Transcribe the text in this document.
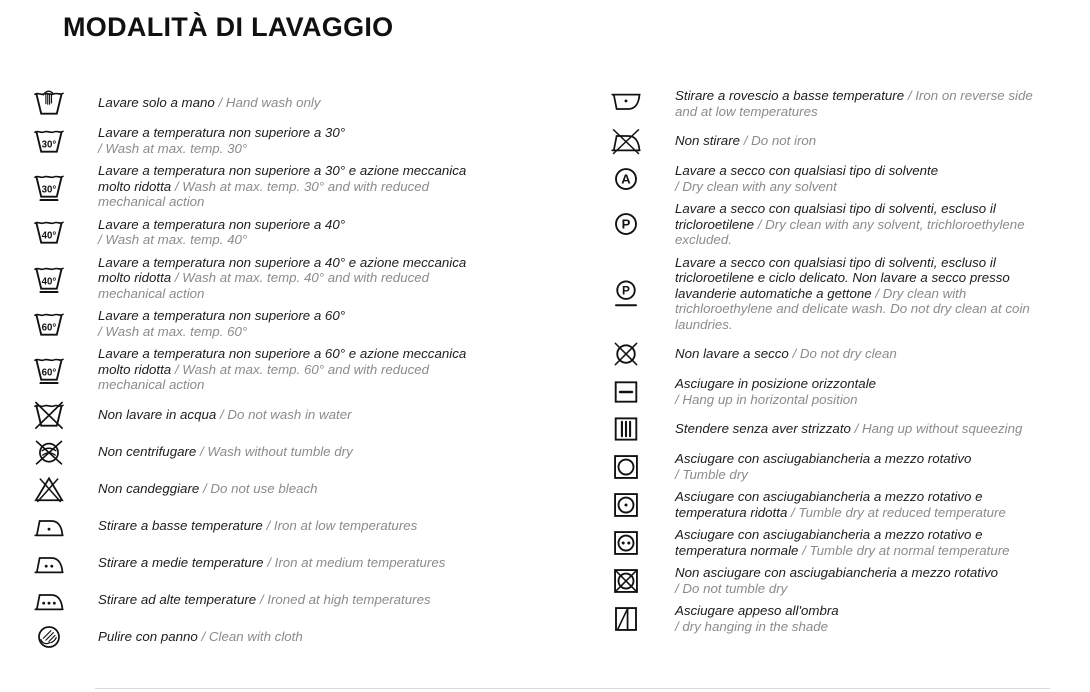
MODALITÀ DI LAVAGGIO
Lavare solo a mano / Hand wash only
30°
Lavare a temperatura non superiore a 30°
/ Wash at max. temp. 30°
30°
Lavare a temperatura non superiore a 30° e azione meccanica molto ridotta / Wash at max. temp. 30° and with reduced mechanical action
40°
Lavare a temperatura non superiore a 40°
/ Wash at max. temp. 40°
40°
Lavare a temperatura non superiore a 40° e azione meccanica molto ridotta / Wash at max. temp. 40° and with reduced mechanical action
60°
Lavare a temperatura non superiore a 60°
/ Wash at max. temp. 60°
60°
Lavare a temperatura non superiore a 60° e azione meccanica molto ridotta / Wash at max. temp. 60° and with reduced mechanical action
Non lavare in acqua / Do not wash in water
Non centrifugare / Wash without tumble dry
Non candeggiare / Do not use bleach
Stirare a basse temperature / Iron at low temperatures
Stirare a medie temperature / Iron at medium temperatures
Stirare ad alte temperature / Ironed at high temperatures
Pulire con panno / Clean with cloth
Stirare a rovescio a basse temperature / Iron on reverse side and at low temperatures
Non stirare / Do not iron
A
Lavare a secco con qualsiasi tipo di solvente
/ Dry clean with any solvent
P
Lavare a secco con qualsiasi tipo di solventi, escluso il tricloroetilene / Dry clean with any solvent, trichloroethylene excluded.
P
Lavare a secco con qualsiasi tipo di solventi, escluso il tricloroetilene e ciclo delicato. Non lavare a secco presso lavanderie automatiche a gettone / Dry clean with trichloroethylene and delicate wash. Do not dry clean at coin laundries.
Non lavare a secco / Do not dry clean
Asciugare in posizione orizzontale
/ Hang up in horizontal position
Stendere senza aver strizzato / Hang up without squeezing
Asciugare con asciugabiancheria a mezzo rotativo
/ Tumble dry
Asciugare con asciugabiancheria a mezzo rotativo e temperatura ridotta / Tumble dry at reduced temperature
Asciugare con asciugabiancheria a mezzo rotativo e temperatura normale / Tumble dry at normal temperature
Non asciugare con asciugabiancheria a mezzo rotativo
/ Do not tumble dry
Asciugare appeso all'ombra
/ dry hanging in the shade
